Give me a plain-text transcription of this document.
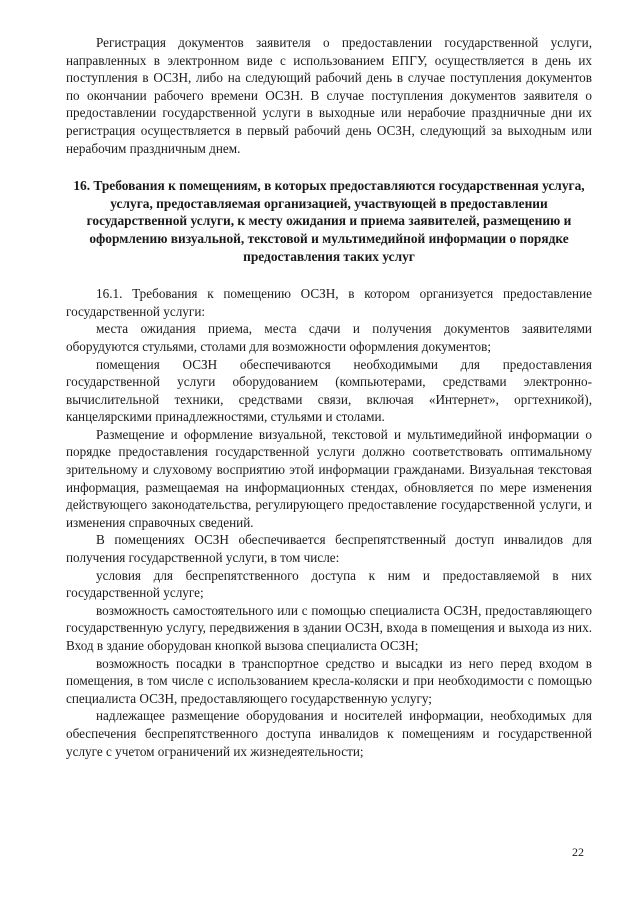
Регистрация документов заявителя о предоставлении государственной услуги, направленных в электронном виде с использованием ЕПГУ, осуществляется в день их поступления в ОСЗН, либо на следующий рабочий день в случае поступления документов по окончании рабочего времени ОСЗН. В случае поступления документов заявителя о предоставлении государственной услуги в выходные или нерабочие праздничные дни их регистрация осуществляется в первый рабочий день ОСЗН, следующий за выходным или нерабочим праздничным днем.

16. Требования к помещениям, в которых предоставляются государственная услуга, услуга, предоставляемая организацией, участвующей в предоставлении государственной услуги, к месту ожидания и приема заявителей, размещению и оформлению визуальной, текстовой и мультимедийной информации о порядке предоставления таких услуг

16.1. Требования к помещению ОСЗН, в котором организуется предоставление государственной услуги:

места ожидания приема, места сдачи и получения документов заявителями оборудуются стульями, столами для возможности оформления документов;

помещения ОСЗН обеспечиваются необходимыми для предоставления государственной услуги оборудованием (компьютерами, средствами электронно-вычислительной техники, средствами связи, включая «Интернет», оргтехникой), канцелярскими принадлежностями, стульями и столами.

Размещение и оформление визуальной, текстовой и мультимедийной информации о порядке предоставления государственной услуги должно соответствовать оптимальному зрительному и слуховому восприятию этой информации гражданами. Визуальная текстовая информация, размещаемая на информационных стендах, обновляется по мере изменения действующего законодательства, регулирующего предоставление государственной услуги, и изменения справочных сведений.

В помещениях ОСЗН обеспечивается беспрепятственный доступ инвалидов для получения государственной услуги, в том числе:

условия для беспрепятственного доступа к ним и предоставляемой в них государственной услуге;

возможность самостоятельного или с помощью специалиста ОСЗН, предоставляющего государственную услугу, передвижения в здании ОСЗН, входа в помещения и выхода из них. Вход в здание оборудован кнопкой вызова специалиста ОСЗН;

возможность посадки в транспортное средство и высадки из него перед входом в помещения, в том числе с использованием кресла-коляски и при необходимости с помощью специалиста ОСЗН, предоставляющего государственную услугу;

надлежащее размещение оборудования и носителей информации, необходимых для обеспечения беспрепятственного доступа инвалидов к помещениям и государственной услуге с учетом ограничений их жизнедеятельности;

22
